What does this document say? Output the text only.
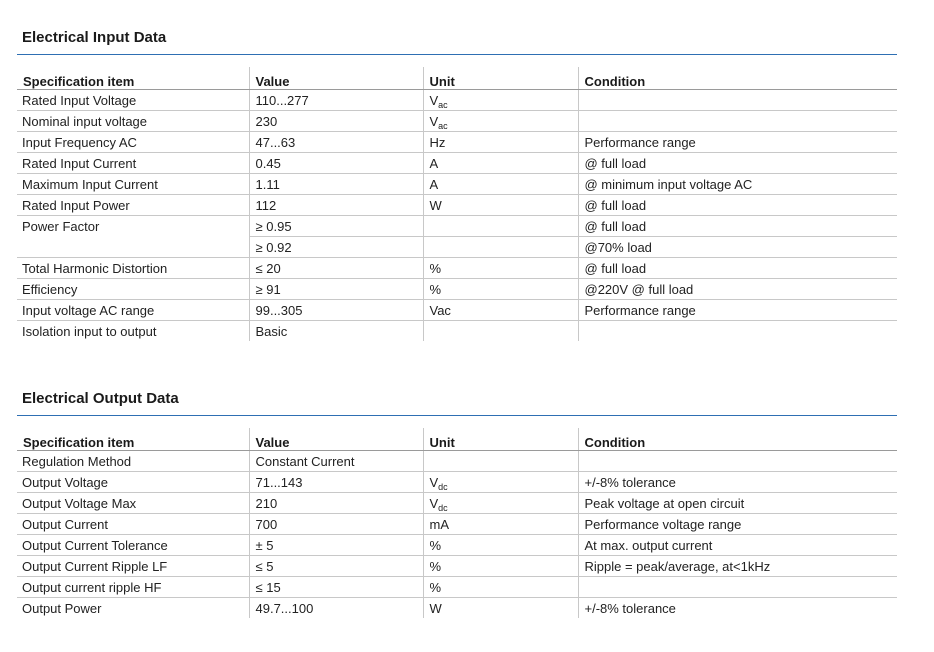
Electrical Input Data
Specification item	Value	Unit	Condition
Rated Input Voltage	110...277	$V_{ac}$	
Nominal input voltage	230	$V_{ac}$	
Input Frequency AC	47...63	Hz	Performance range
Rated Input Current	0.45	A	@ full load
Maximum Input Current	1.11	A	@ minimum input voltage AC
Rated Input Power	112	W	@ full load
Power Factor	≥ 0.95		@ full load
	≥ 0.92		@70% load
Total Harmonic Distortion	≤ 20	%	@ full load
Efficiency	≥ 91	%	@220V @ full load
Input voltage AC range	99...305	Vac	Performance range
Isolation input to output	Basic		
Electrical Output Data
Specification item	Value	Unit	Condition
Regulation Method	Constant Current		
Output Voltage	71...143	$V_{dc}$	+/-8% tolerance
Output Voltage Max	210	$V_{dc}$	Peak voltage at open circuit
Output Current	700	mA	Performance voltage range
Output Current Tolerance	± 5	%	At max. output current
Output Current Ripple LF	≤ 5	%	Ripple = peak/average, at<1kHz
Output current ripple HF	≤ 15	%	
Output Power	49.7...100	W	+/-8% tolerance
